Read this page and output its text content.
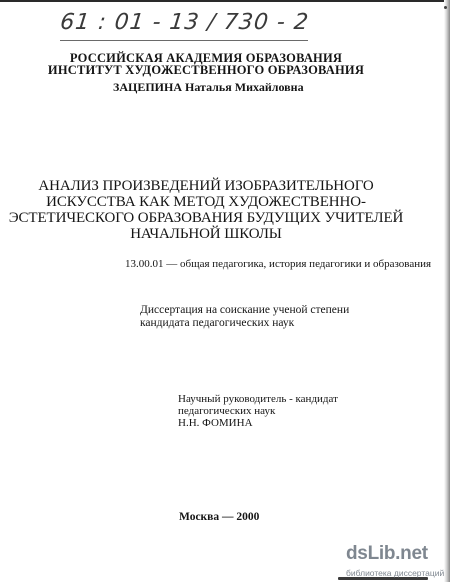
61 : 01 - 13 / 730 - 2
РОССИЙСКАЯ АКАДЕМИЯ ОБРАЗОВАНИЯ
ИНСТИТУТ ХУДОЖЕСТВЕННОГО ОБРАЗОВАНИЯ
ЗАЦЕПИНА Наталья Михайловна
АНАЛИЗ ПРОИЗВЕДЕНИЙ ИЗОБРАЗИТЕЛЬНОГО
ИСКУССТВА КАК МЕТОД ХУДОЖЕСТВЕННО-
ЭСТЕТИЧЕСКОГО ОБРАЗОВАНИЯ БУДУЩИХ УЧИТЕЛЕЙ
НАЧАЛЬНОЙ ШКОЛЫ
13.00.01 — общая педагогика, история педагогики и образования
Диссертация на соискание ученой степени
кандидата педагогических наук
Научный руководитель - кандидат
педагогических наук
Н.Н. ФОМИНА
Москва — 2000
dsLib.net
библиотека диссертаций
